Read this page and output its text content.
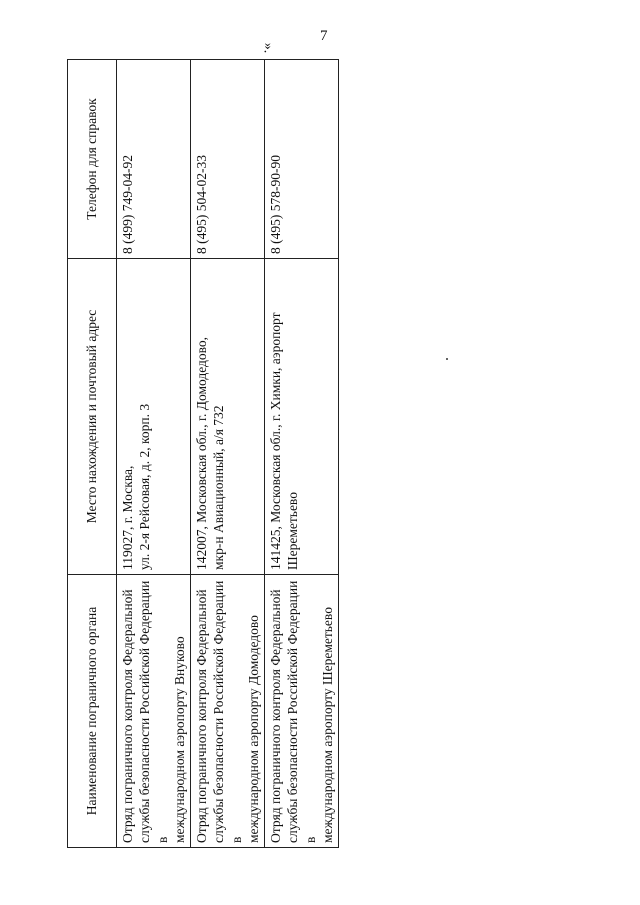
7
».
Наименование пограничного органа	Место нахождения и почтовый адрес	Телефон для справок

Отряд пограничного контроля Федеральной службы безопасности Российской Федерации в международном аэропорту Внуково	119027, г. Москва, ул. 2-я Рейсовая, д. 2, корп. 3	8 (499) 749-04-92

Отряд пограничного контроля Федеральной службы безопасности Российской Федерации в международном аэропорту Домодедово	142007, Московская обл., г. Домодедово, мкр-н Авиационный, а/я 732	8 (495) 504-02-33

Отряд пограничного контроля Федеральной службы безопасности Российской Федерации в международном аэропорту Шереметьево	141425, Московская обл., г. Химки, аэропорт Шереметьево	8 (495) 578-90-90
